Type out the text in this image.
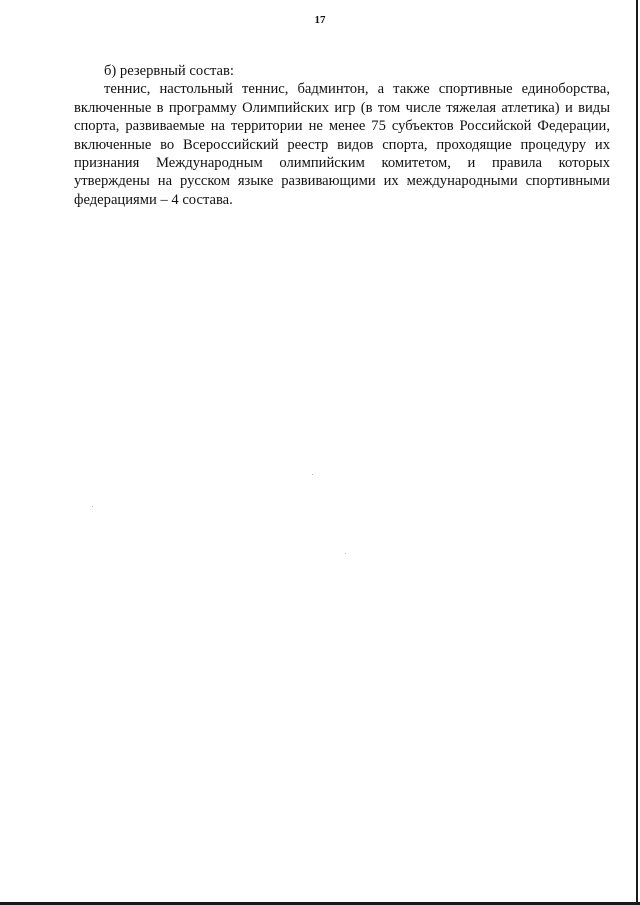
17

б) резервный состав:

теннис, настольный теннис, бадминтон, а также спортивные единоборства, включенные в программу Олимпийских игр (в том числе тяжелая атлетика) и виды спорта, развиваемые на территории не менее 75 субъектов Российской Федерации, включенные во Всероссийский реестр видов спорта, проходящие процедуру их признания Международным олимпийским комитетом, и правила которых утверждены на русском языке развивающими их международными спортивными федерациями – 4 состава.
